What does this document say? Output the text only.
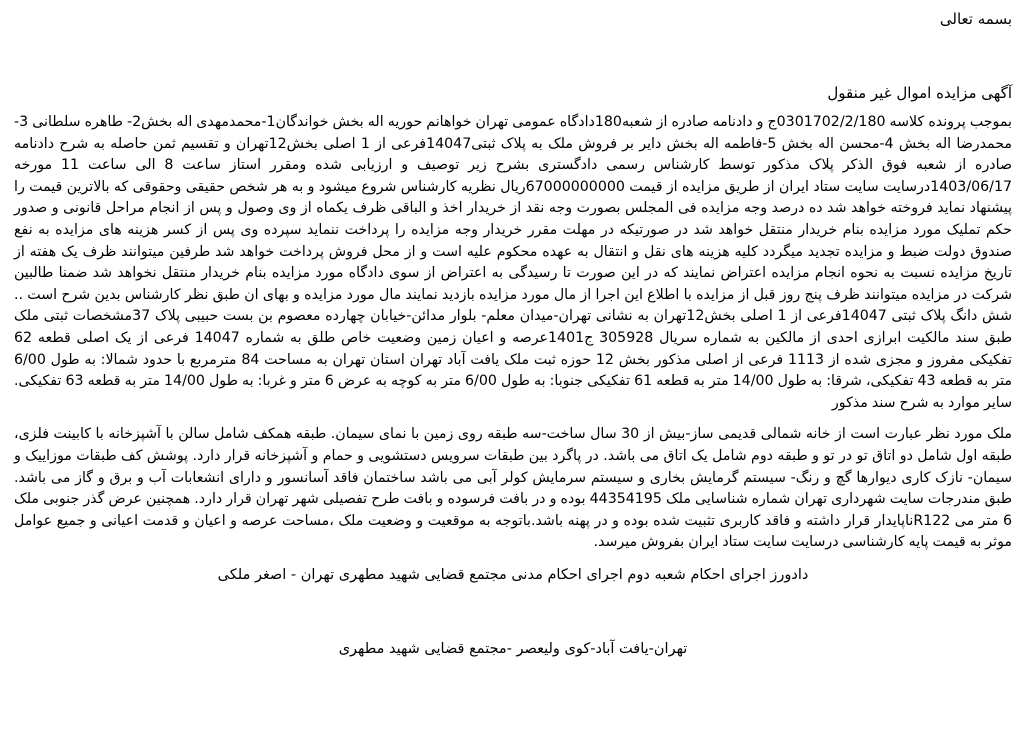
بسمه تعالی
آگهی مزایده اموال غیر منقول

بموجب پرونده کلاسه 0301702/2/180ج و دادنامه صادره از شعبه180دادگاه عمومی تهران خواهانم حوریه اله بخش خواندگان1-محمدمهدی اله بخش2- طاهره سلطانی 3-محمدرضا اله بخش 4-محسن اله بخش 5-فاطمه اله بخش دایر بر فروش ملک به پلاک ثبتی14047فرعی از 1 اصلی بخش12تهران و تقسیم ثمن حاصله به شرح دادنامه صادره از شعبه فوق الذکر پلاک مذکور توسط کارشناس رسمی دادگستری بشرح زیر توصیف و ارزیابی شده ومقرر استاز ساعت 8 الی ساعت 11 مورخه 1403/06/17درسایت سایت ستاد ایران از طریق مزایده از قیمت 67000000000ریال نظریه کارشناس شروع میشود و به هر شخص حقیقی وحقوقی که بالاترین قیمت را پیشنهاد نماید فروخته خواهد شد ده درصد وجه مزایده فی المجلس بصورت وجه نقد از خریدار اخذ و الباقی ظرف یکماه از وی وصول و پس از انجام مراحل قانونی و صدور حکم تملیک مورد مزایده بنام خریدار منتقل خواهد شد در صورتیکه در مهلت مقرر خریدار وجه مزایده را پرداخت ننماید سپرده وی پس از کسر هزینه های مزایده به نفع صندوق دولت ضبط و مزایده تجدید میگردد کلیه هزینه های نقل و انتقال به عهده محکوم علیه است و از محل فروش پرداخت خواهد شد طرفین میتوانند ظرف یک هفته از تاریخ مزایده نسبت به نحوه انجام مزایده اعتراض نمایند که در این صورت تا رسیدگی به اعتراض از سوی دادگاه مورد مزایده بنام خریدار منتقل نخواهد شد ضمنا طالبین شرکت در مزایده میتوانند ظرف پنج روز قبل از مزایده با اطلاع این اجرا از مال مورد مزایده بازدید نمایند مال مورد مزایده و بهای ان طبق نظر کارشناس بدین شرح است .. شش دانگ پلاک ثبتی 14047فرعی از 1 اصلی بخش12تهران به نشانی تهران-میدان معلم- بلوار مدائن-خیابان چهارده معصوم بن بست حبیبی پلاک 37مشخصات ثبتی ملک طبق سند مالکیت ابرازی احدی از مالکین به شماره سریال 305928 ج1401عرصه و اعیان زمین وضعیت خاص طلق به شماره 14047 فرعی از یک اصلی قطعه 62 تفکیکی مفروز و مجزی شده از 1113 فرعی از اصلی مذکور بخش 12 حوزه ثبت ملک یافت آباد تهران استان تهران به مساحت 84 مترمربع با حدود شمالا: به طول 6/00 متر به قطعه 43 تفکیکی، شرقا: به طول 14/00 متر به قطعه 61 تفکیکی جنوبا: به طول 6/00 متر به کوچه به عرض 6 متر و غربا: به طول 14/00 متر به قطعه 63 تفکیکی. سایر موارد به شرح سند مذکور

ملک مورد نظر عبارت است از خانه شمالی قدیمی ساز-بیش از 30 سال ساخت-سه طبقه روی زمین با نمای سیمان. طبقه همکف شامل سالن با آشپزخانه با کابینت فلزی، طبقه اول شامل دو اتاق تو در تو و طبقه دوم شامل یک اتاق می باشد. در پاگرد بین طبقات سرویس دستشویی و حمام و آشپزخانه قرار دارد. پوشش کف طبقات موزاییک و سیمان- نازک کاری دیوارها گچ و رنگ- سیستم گرمایش بخاری و سیستم سرمایش کولر آبی می باشد ساختمان فاقد آسانسور و دارای انشعابات آب و برق و گاز می باشد. طبق مندرجات سایت شهرداری تهران شماره شناسایی ملک 44354195 بوده و در بافت فرسوده و بافت طرح تفصیلی شهر تهران قرار دارد. همچنین عرض گذر جنوبی ملک 6 متر می R122ناپایدار قرار داشته و فاقد کاربری تثبیت شده بوده و در پهنه باشد.باتوجه به موقعیت و وضعیت ملک ،مساحت عرصه و اعیان و قدمت اعیانی و جمیع عوامل موثر به قیمت پایه کارشناسی درسایت سایت ستاد ایران بفروش میرسد.

دادورز اجرای احکام شعبه دوم اجرای احکام مدنی مجتمع قضایی شهید مطهری تهران - اصغر ملکی
تهران-یافت آباد-کوی ولیعصر -مجتمع قضایی شهید مطهری
